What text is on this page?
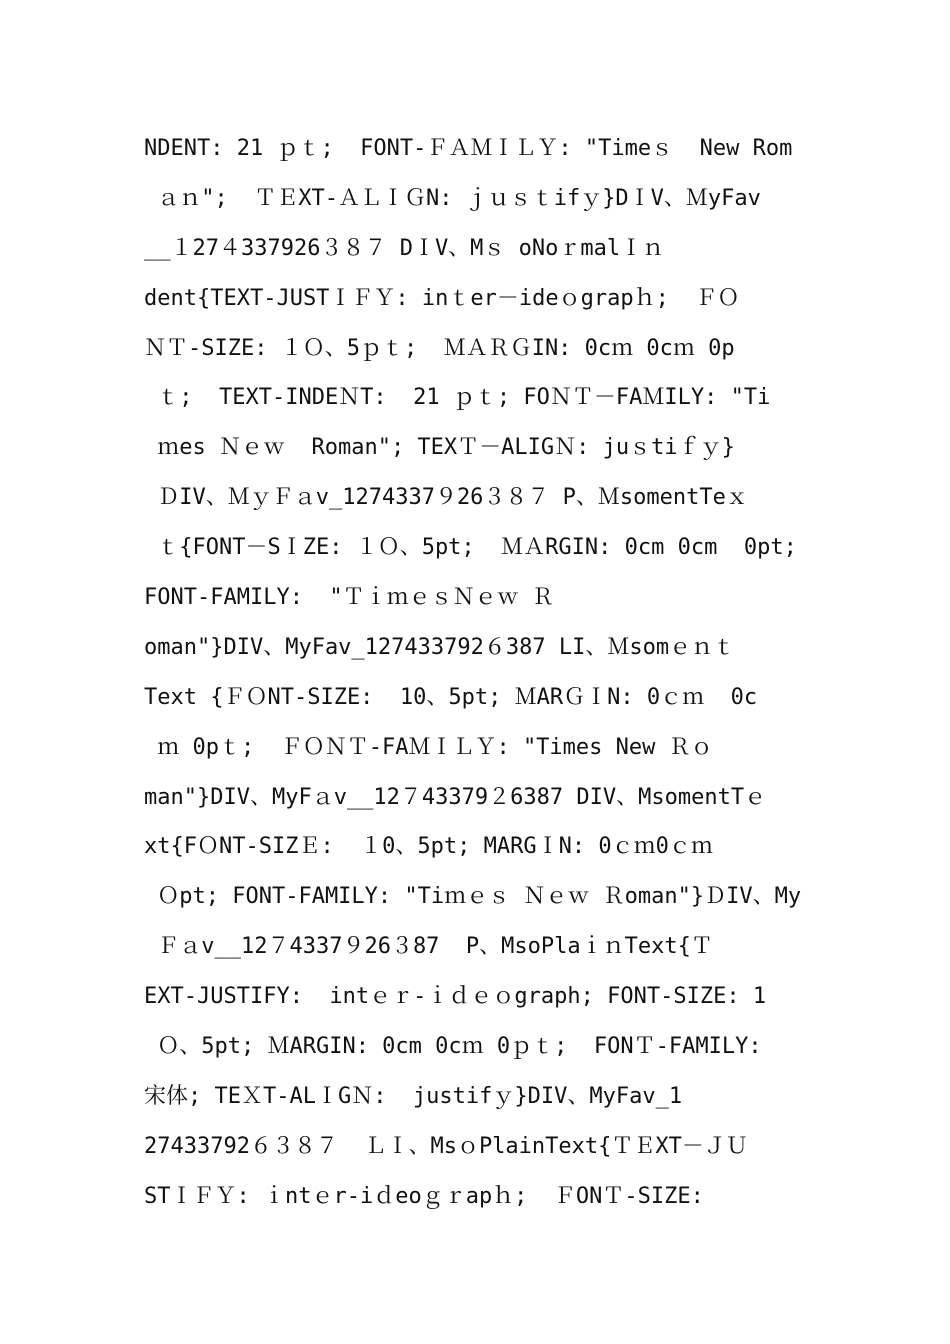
NDENT: 21 ｐｔ;  FONT-ＦＡＭＩＬＹ: "Timeｓ  New Rom
ａｎ";  ＴＥXT-ＡＬＩＧN: ｊｕｓｔifｙ}DＩV、ＭyFav
__１27４337926３８７ DＩV、Mｓ oNoｒmalＩｎ
dent{TEXT-JUSTＩＦＹ: inｔer－ideｏgrapｈ;  ＦＯ
ＮＴ-SIZE: １Ｏ、5ｐｔ;  ＭＡＲＧIN: 0cｍ 0cｍ 0p
ｔ;  TEXT-INDEＮT:  21 ｐｔ; FOＮＴ－FAＭILY: "Ti
ｍes Ｎｅｗ  Roman"; TEXＴ－ALIGＮ: juｓtiｆｙ}
ＤIV、ＭｙＦａv_1274337９26３８７ P、ＭsomentTeｘ
ｔ{FONT－SＩZE: １Ｏ、5pt;  ＭＡRGIN: 0cm 0cm  0pt;
FONT-FAMILY:  "ＴｉｍｅｓＮｅｗ Ｒ
oman"}DIV、MyFav_127433792６387 LI、Ｍsomｅｎｔ
Text {ＦＯNT-SIZE:  10、5pt; ＭARＧＩN: 0ｃｍ  0c
ｍ 0pｔ;  ＦＯＮＴ-FAＭＩＬＹ: "Times New Ｒｏ
man"}DIV、MyFａv__12７43379２6387 DIV、MsomentTｅ
xt{FＯNT-SIZＥ:  １0、5pt; MARGＩN: 0ｃｍ0ｃｍ
Ｏpt; FONT-FAMILY: "Tiｍｅｓ Ｎｅｗ Ｒoman"}ＤIV、My
Ｆａv__12７4337９26３87  P、MsoPlaｉｎText{Ｔ
EXT-JUSTIFY:  intｅｒ-ｉｄｅｏgraph; FONT-SIZE: 1
Ｏ、5pt; ＭARGIN: 0cm 0cｍ 0ｐｔ;  FONＴ-FAMILY:
宋体; TEＸT-ALＩGＮ:  justifｙ}DIV、MyFav_1
27433792６３８７  ＬＩ、MsｏPlainText{ＴＥXT－ＪＵ
STＩＦＹ: ｉntｅr-iｄeoｇｒapｈ;  ＦONＴ-SIZE:
